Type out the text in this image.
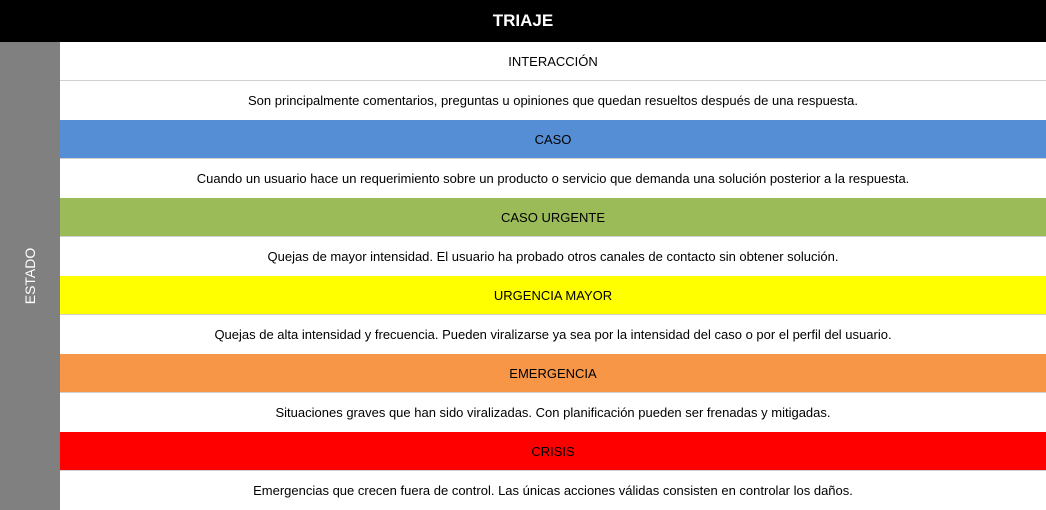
TRIAJE
ESTADO
INTERACCIÓN
Son principalmente comentarios, preguntas u opiniones que quedan resueltos después de una respuesta.
CASO
Cuando un usuario hace un requerimiento sobre un producto o servicio que demanda una solución posterior a la respuesta.
CASO URGENTE
Quejas de mayor intensidad. El usuario ha probado otros canales de contacto sin obtener solución.
URGENCIA MAYOR
Quejas de alta intensidad y frecuencia. Pueden viralizarse ya sea por la intensidad del caso o por el perfil del usuario.
EMERGENCIA
Situaciones graves que han sido viralizadas. Con planificación pueden ser frenadas y mitigadas.
CRISIS
Emergencias que crecen fuera de control. Las únicas acciones válidas consisten en controlar los daños.
